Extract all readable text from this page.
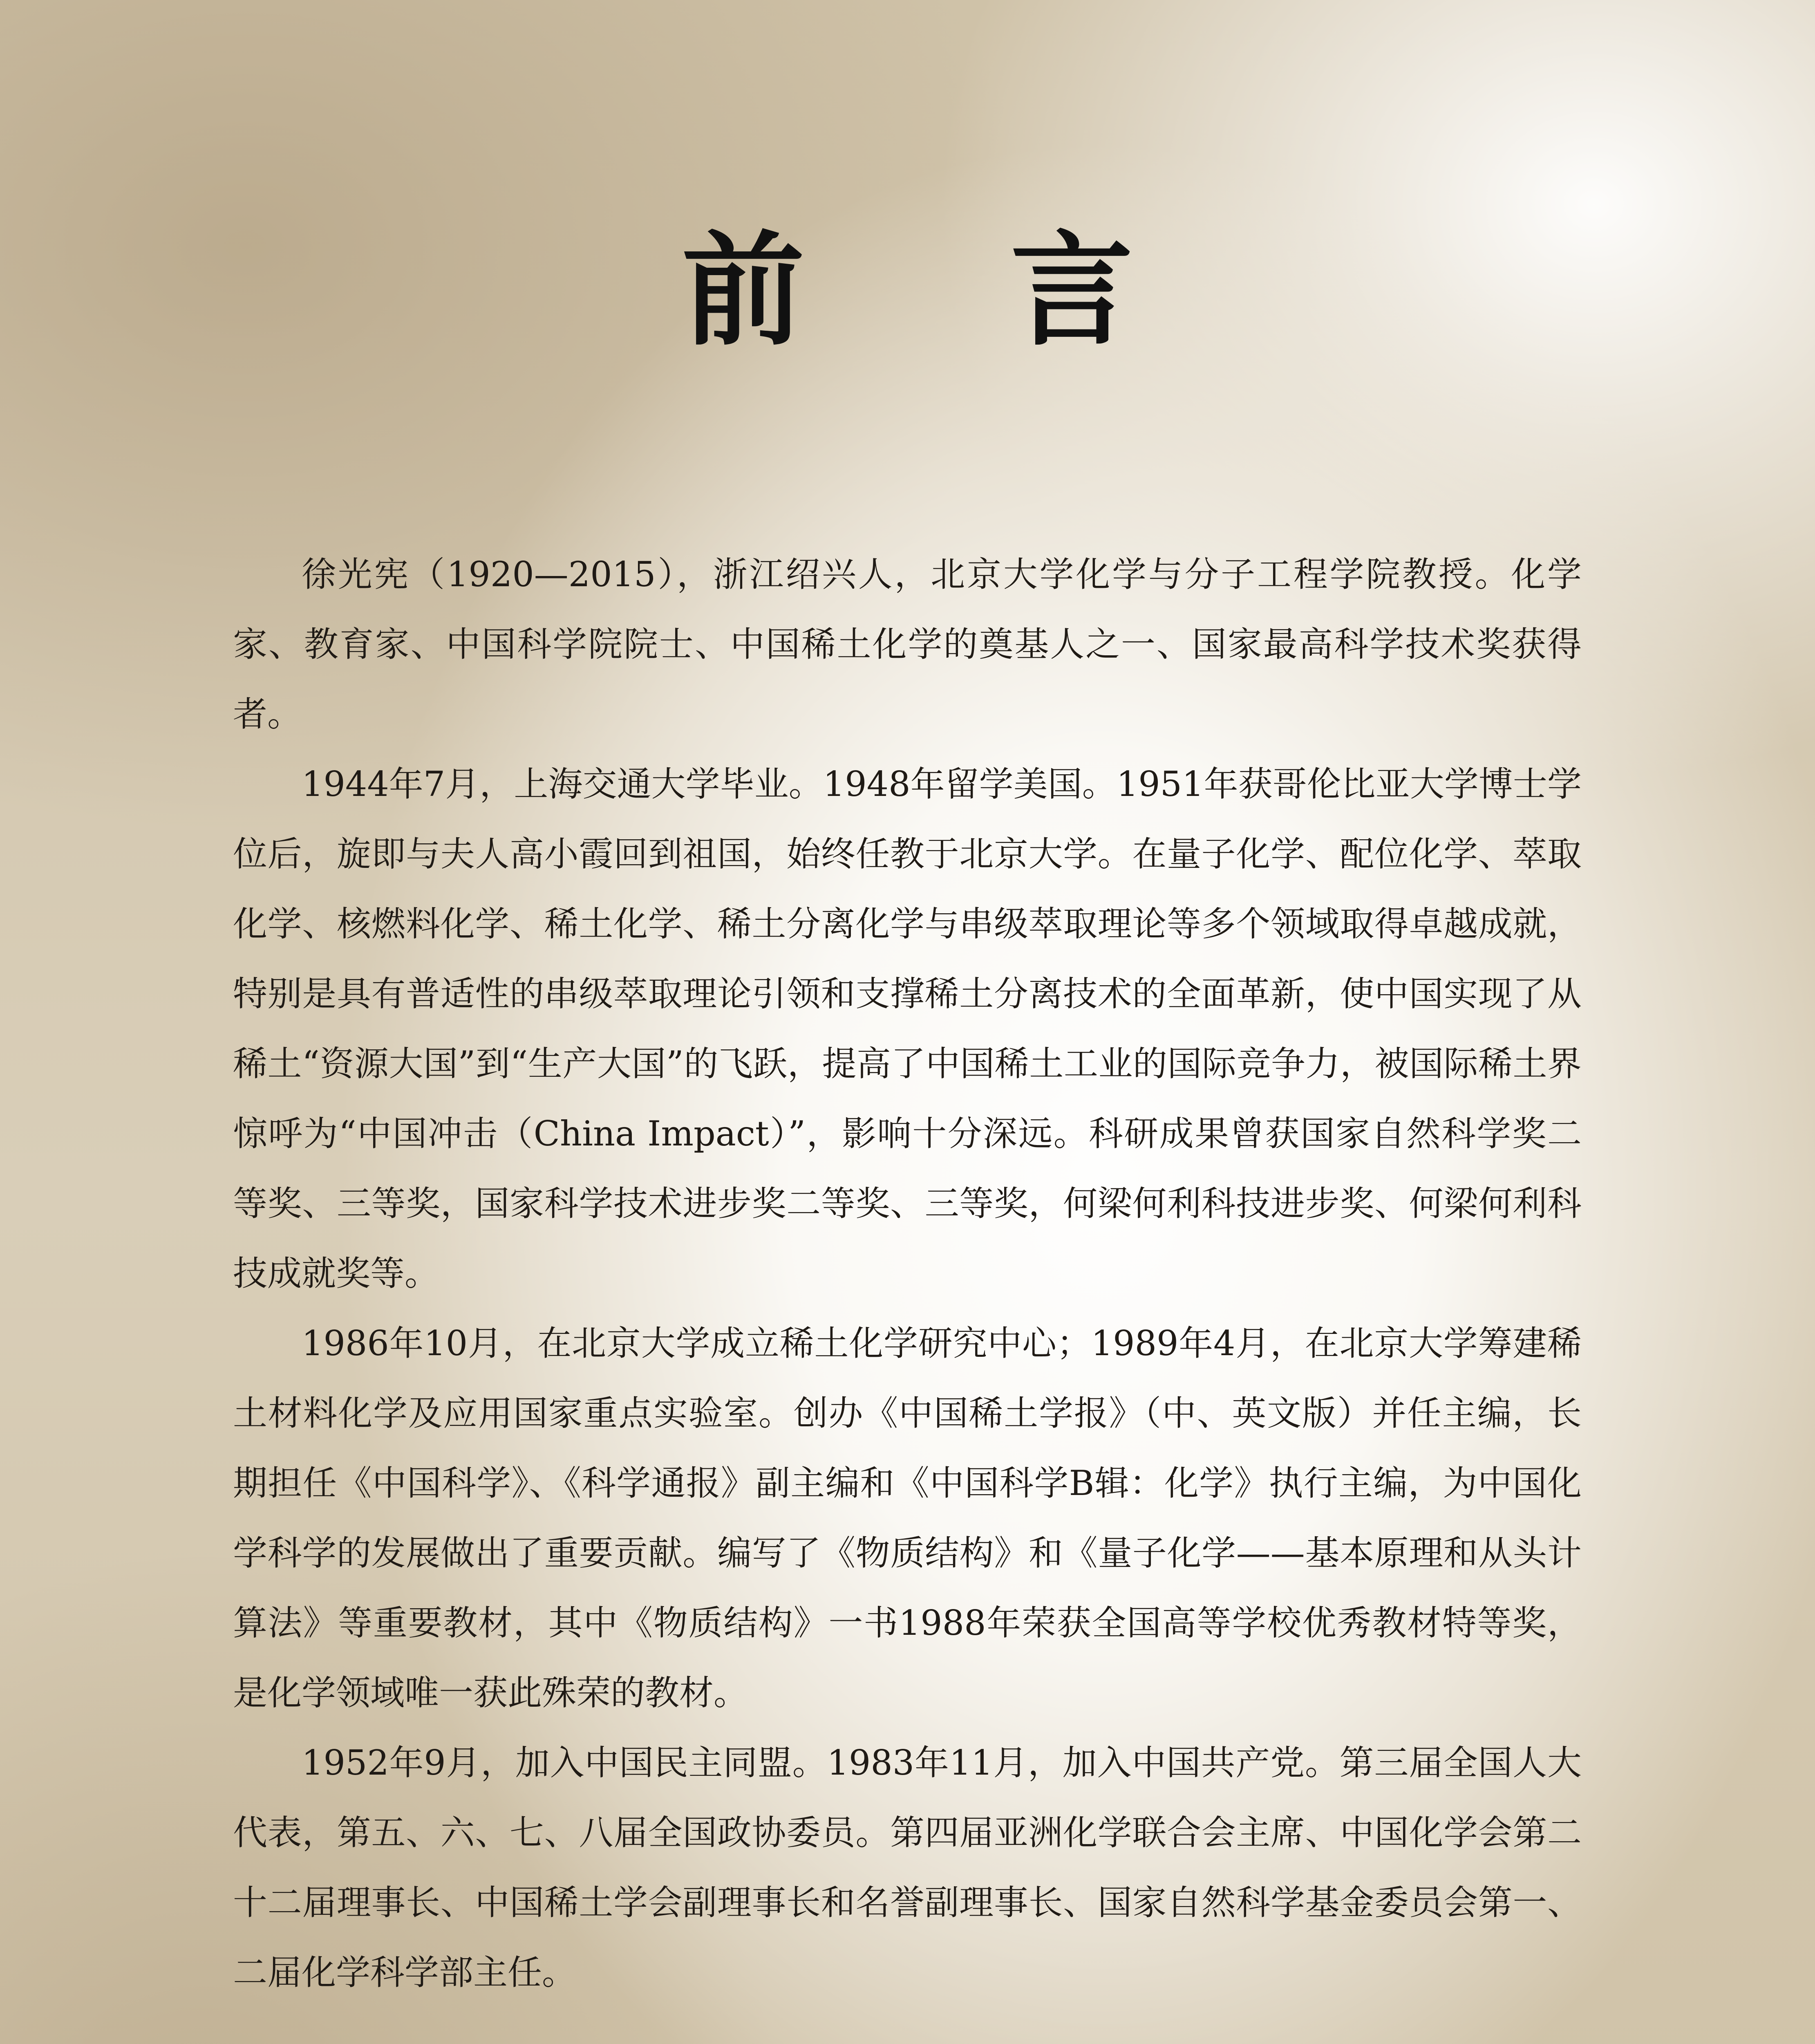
前 言

徐光宪（1920—2015），浙江绍兴人，北京大学化学与分子工程学院教授。化学家、教育家、中国科学院院士、中国稀土化学的奠基人之一、国家最高科学技术奖获得者。

1944年7月，上海交通大学毕业。1948年留学美国。1951年获哥伦比亚大学博士学位后，旋即与夫人高小霞回到祖国，始终任教于北京大学。在量子化学、配位化学、萃取化学、核燃料化学、稀土化学、稀土分离化学与串级萃取理论等多个领域取得卓越成就，特别是具有普适性的串级萃取理论引领和支撑稀土分离技术的全面革新，使中国实现了从稀土“资源大国”到“生产大国”的飞跃，提高了中国稀土工业的国际竞争力，被国际稀土界惊呼为“中国冲击（China Impact）”，影响十分深远。科研成果曾获国家自然科学奖二等奖、三等奖，国家科学技术进步奖二等奖、三等奖，何梁何利科技进步奖、何梁何利科技成就奖等。

1986年10月，在北京大学成立稀土化学研究中心；1989年4月，在北京大学筹建稀土材料化学及应用国家重点实验室。创办《中国稀土学报》（中、英文版）并任主编，长期担任《中国科学》、《科学通报》副主编和《中国科学B辑：化学》执行主编，为中国化学科学的发展做出了重要贡献。编写了《物质结构》和《量子化学——基本原理和从头计算法》等重要教材，其中《物质结构》一书1988年荣获全国高等学校优秀教材特等奖，是化学领域唯一获此殊荣的教材。

1952年9月，加入中国民主同盟。1983年11月，加入中国共产党。第三届全国人大代表，第五、六、七、八届全国政协委员。第四届亚洲化学联合会主席、中国化学会第二十二届理事长、中国稀土学会副理事长和名誉副理事长、国家自然科学基金委员会第一、二届化学科学部主任。
